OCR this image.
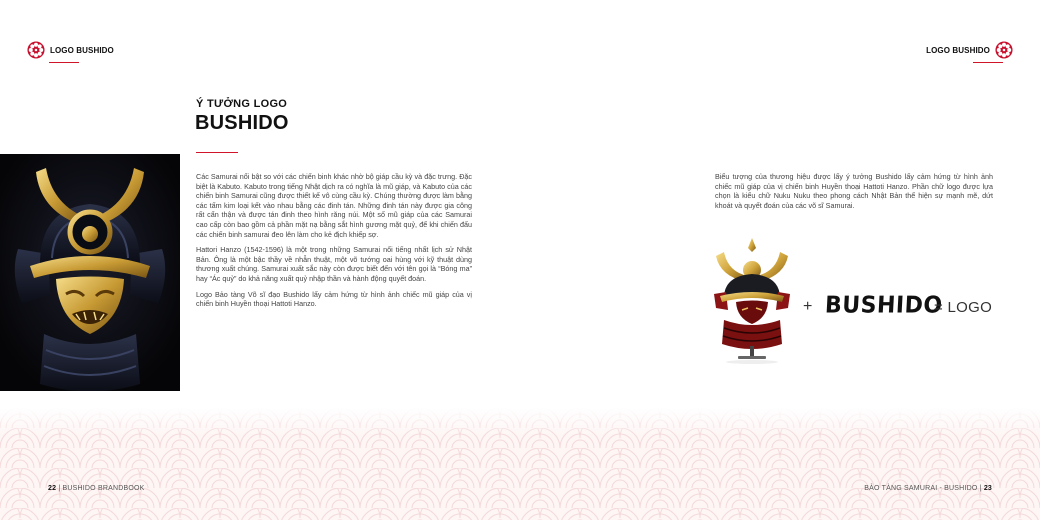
LOGO BUSHIDO
Ý TƯỞNG LOGO
BUSHIDO

Các Samurai nổi bật so với các chiến binh khác nhờ bộ giáp cầu kỳ và đặc trưng. Đặc biệt là Kabuto. Kabuto trong tiếng Nhật dịch ra có nghĩa là mũ giáp, và Kabuto của các chiến binh Samurai cũng được thiết kế vô cùng cầu kỳ. Chúng thường được làm bằng các tấm kim loại kết vào nhau bằng các đinh tán. Những đinh tán này được gia công rất cẩn thận và được tán đinh theo hình răng núi. Một số mũ giáp của các Samurai cao cấp còn bao gồm cả phần mặt nạ bằng sắt hình gương mặt quỷ, để khi chiến đấu các chiến binh samurai đeo lên làm cho kẻ địch khiếp sợ.

Hattori Hanzo (1542-1596) là một trong những Samurai nổi tiếng nhất lịch sử Nhật Bản. Ông là một bậc thầy về nhẫn thuật, một võ tướng oai hùng với kỹ thuật dùng thương xuất chúng. Samurai xuất sắc này còn được biết đến với tên gọi là “Bóng ma” hay “Ác quỷ” do khả năng xuất quỷ nhập thần và hành động quyết đoán.

Logo Bảo tàng Võ sĩ đạo Bushido lấy cảm hứng từ hình ảnh chiếc mũ giáp của vị chiến binh Huyền thoại Hattoti Hanzo.

LOGO BUSHIDO
Biểu tượng của thương hiệu được lấy ý tưởng Bushido lấy cảm hứng từ hình ảnh chiếc mũ giáp của vị chiến binh Huyền thoại Hattoti Hanzo. Phần chữ logo được lựa chọn là kiểu chữ Nuku Nuku theo phong cách Nhật Bản thể hiện sự mạnh mẽ, dứt khoát và quyết đoán của các võ sĩ Samurai.
+ BUSHIDO
= LOGO
22 | BUSHIDO BRANDBOOK	BẢO TÀNG SAMURAI - BUSHIDO | 23
